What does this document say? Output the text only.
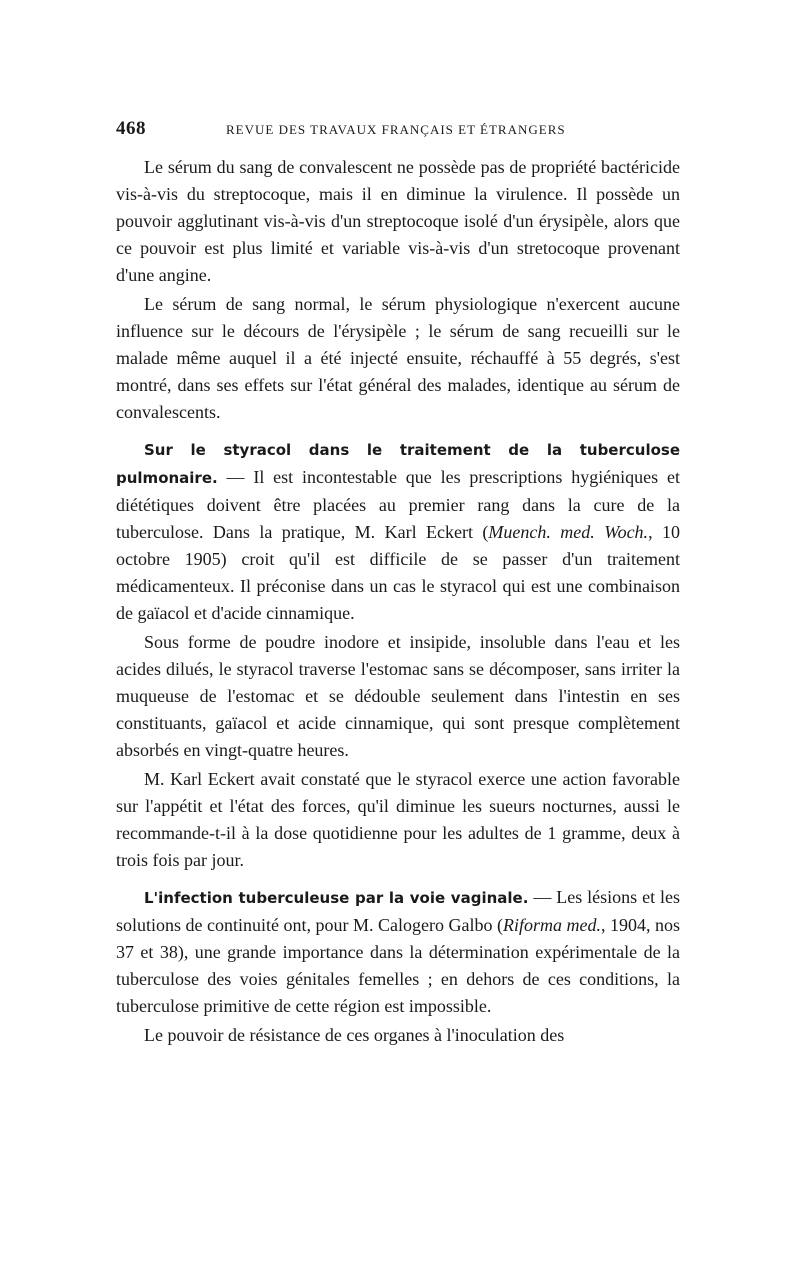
468	REVUE DES TRAVAUX FRANÇAIS ET ÉTRANGERS

Le sérum du sang de convalescent ne possède pas de propriété bactéricide vis-à-vis du streptocoque, mais il en diminue la virulence. Il possède un pouvoir agglutinant vis-à-vis d'un streptocoque isolé d'un érysipèle, alors que ce pouvoir est plus limité et variable vis-à-vis d'un stretocoque provenant d'une angine.

Le sérum de sang normal, le sérum physiologique n'exercent aucune influence sur le décours de l'érysipèle ; le sérum de sang recueilli sur le malade même auquel il a été injecté ensuite, réchauffé à 55 degrés, s'est montré, dans ses effets sur l'état général des malades, identique au sérum de convalescents.

Sur le styracol dans le traitement de la tuberculose pulmonaire. — Il est incontestable que les prescriptions hygiéniques et diététiques doivent être placées au premier rang dans la cure de la tuberculose. Dans la pratique, M. Karl Eckert (Muench. med. Woch., 10 octobre 1905) croit qu'il est difficile de se passer d'un traitement médicamenteux. Il préconise dans un cas le styracol qui est une combinaison de gaïacol et d'acide cinnamique.

Sous forme de poudre inodore et insipide, insoluble dans l'eau et les acides dilués, le styracol traverse l'estomac sans se décomposer, sans irriter la muqueuse de l'estomac et se dédouble seulement dans l'intestin en ses constituants, gaïacol et acide cinnamique, qui sont presque complètement absorbés en vingt-quatre heures.

M. Karl Eckert avait constaté que le styracol exerce une action favorable sur l'appétit et l'état des forces, qu'il diminue les sueurs nocturnes, aussi le recommande-t-il à la dose quotidienne pour les adultes de 1 gramme, deux à trois fois par jour.

L'infection tuberculeuse par la voie vaginale. — Les lésions et les solutions de continuité ont, pour M. Calogero Galbo (Riforma med., 1904, nos 37 et 38), une grande importance dans la détermination expérimentale de la tuberculose des voies génitales femelles ; en dehors de ces conditions, la tuberculose primitive de cette région est impossible.

Le pouvoir de résistance de ces organes à l'inoculation des
